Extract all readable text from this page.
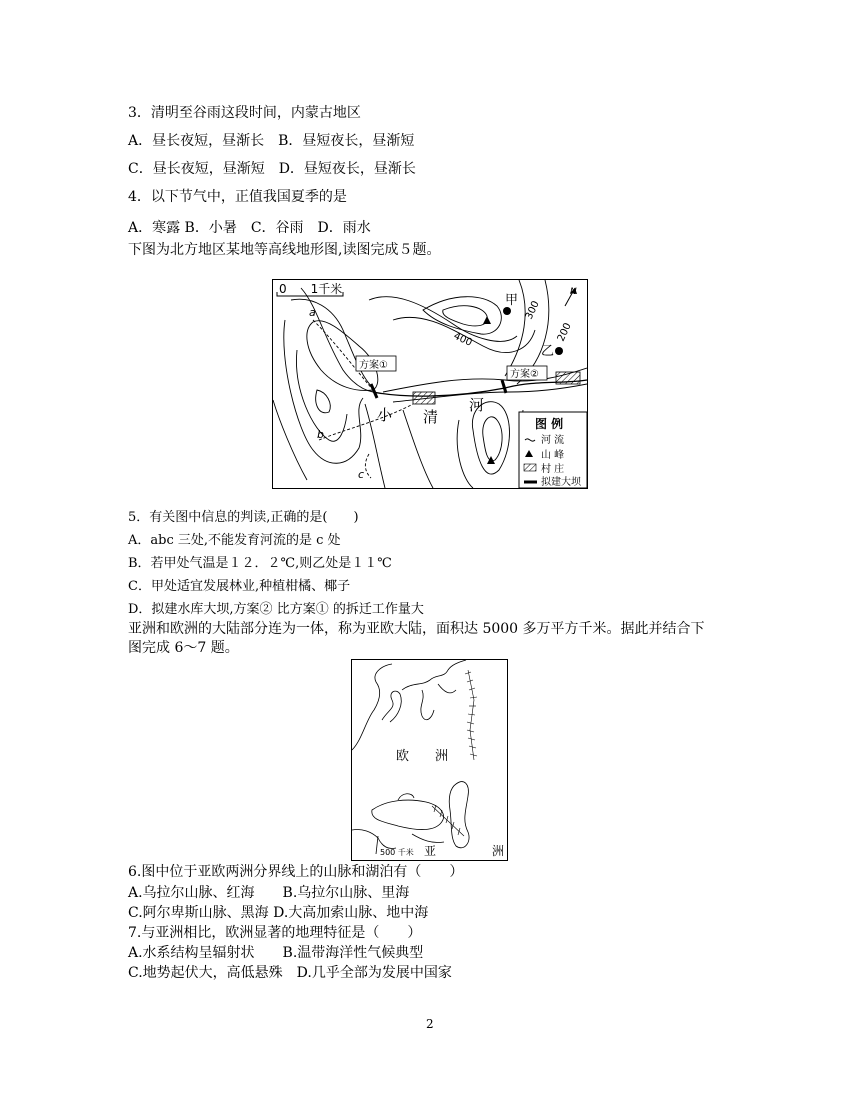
3．清明至谷雨这段时间，内蒙古地区
A．昼长夜短，昼渐长　B．昼短夜长，昼渐短
C．昼长夜短，昼渐短　D．昼短夜长，昼渐长
4．以下节气中，正值我国夏季的是
A．寒露 B．小暑　C．谷雨　D．雨水
下图为北方地区某地等高线地形图,读图完成５题。
0　　1千米	N
a
b
c
甲
乙
400
300
200
方案①
方案②
小 清
河
图 例
河 流
山 峰
村 庄
拟建大坝
5．有关图中信息的判读,正确的是(　　)
A．abc 三处,不能发育河流的是 c 处
B．若甲处气温是１２．２℃,则乙处是１１℃
C．甲处适宜发展林业,种植柑橘、椰子
D．拟建水库大坝,方案② 比方案① 的拆迁工作量大
亚洲和欧洲的大陆部分连为一体，称为亚欧大陆，面积达 5000 多万平方千米。据此并结合下
图完成 6～7 题。
欧　　洲
500 千米 亚	洲
6.图中位于亚欧两洲分界线上的山脉和湖泊有（　　）
A.乌拉尔山脉、红海　　B.乌拉尔山脉、里海
C.阿尔卑斯山脉、黑海 D.大高加索山脉、地中海
7.与亚洲相比，欧洲显著的地理特征是（　　）
A.水系结构呈辐射状　　B.温带海洋性气候典型
C.地势起伏大，高低悬殊　D.几乎全部为发展中国家
2
